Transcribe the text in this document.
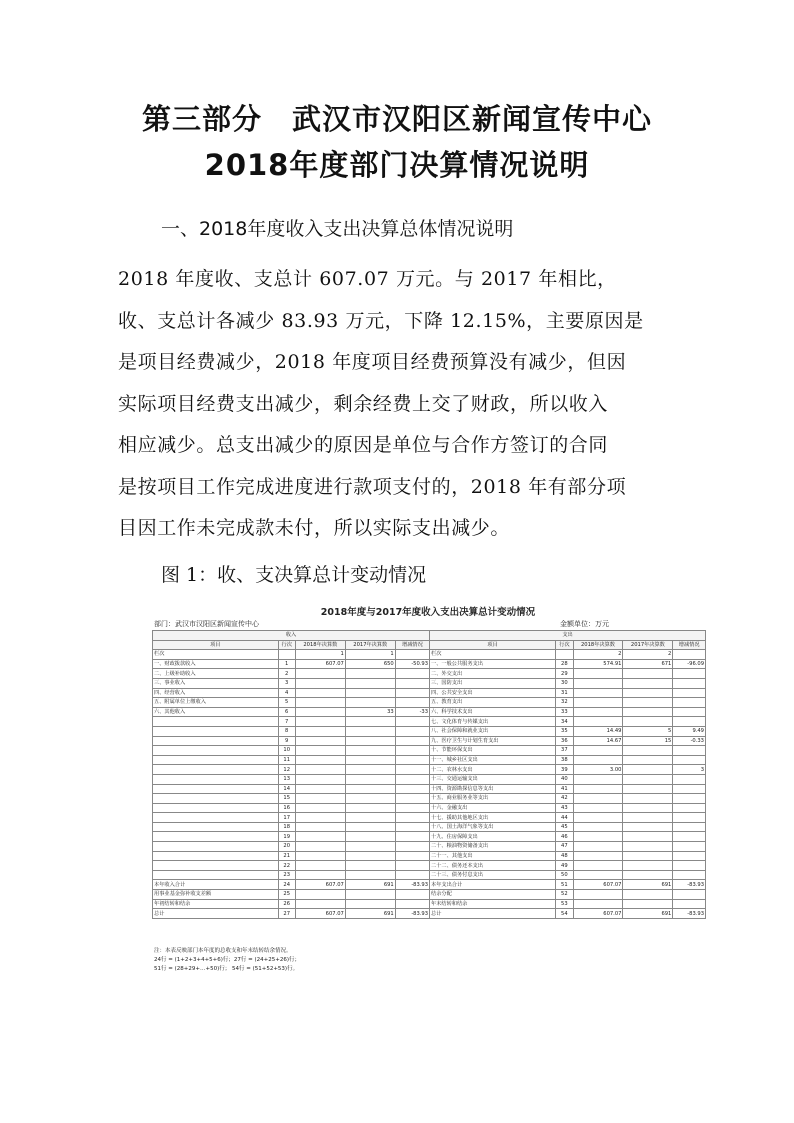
第三部分　武汉市汉阳区新闻宣传中心
2018年度部门决算情况说明
一、2018年度收入支出决算总体情况说明
2018 年度收、支总计 607.07 万元。与 2017 年相比，
收、支总计各减少 83.93 万元，下降 12.15%，主要原因是
是项目经费减少，2018 年度项目经费预算没有减少，但因
实际项目经费支出减少，剩余经费上交了财政，所以收入
相应减少。总支出减少的原因是单位与合作方签订的合同
是按项目工作完成进度进行款项支付的，2018 年有部分项
目因工作未完成款未付，所以实际支出减少。
图 1：收、支决算总计变动情况
2018年度与2017年度收入支出决算总计变动情况
部门：武汉市汉阳区新闻宣传中心	金额单位：万元
收入					支出				
项目	行次	2018年决算数	2017年决算数	增减情况	项目	行次	2018年决算数	2017年决算数	增减情况
栏次		1	1		栏次		2	2	
一、财政拨款收入	1	607.07	650	-50.93	一、一般公共服务支出	28	574.91	671	-96.09
二、上级补助收入	2				二、外交支出	29			
三、事业收入	3				三、国防支出	30			
四、经营收入	4				四、公共安全支出	31			
五、附属单位上缴收入	5				五、教育支出	32			
六、其他收入	6		33	-33	六、科学技术支出	33			
	7				七、文化体育与传媒支出	34			
	8				八、社会保障和就业支出	35	14.49	5	9.49
	9				九、医疗卫生与计划生育支出	36	14.67	15	-0.33
	10				十、节能环保支出	37			
	11				十一、城乡社区支出	38			
	12				十二、农林水支出	39	3.00		3
	13				十三、交通运输支出	40			
	14				十四、资源勘探信息等支出	41			
	15				十五、商业服务业等支出	42			
	16				十六、金融支出	43			
	17				十七、援助其他地区支出	44			
	18				十八、国土海洋气象等支出	45			
	19				十九、住房保障支出	46			
	20				二十、粮油物资储备支出	47			
	21				二十一、其他支出	48			
	22				二十二、债务还本支出	49			
	23				二十三、债务付息支出	50			
本年收入合计	24	607.07	691	-83.93	本年支出合计	51	607.07	691	-83.93
用事业基金弥补收支差额	25				结余分配	52			
年初结转和结余	26				年末结转和结余	53			
总计	27	607.07	691	-83.93	总计	54	607.07	691	-83.93
注：本表反映部门本年度的总收支和年末结转结余情况。
24行 = (1+2+3+4+5+6)行；27行 = (24+25+26)行；
51行 = (28+29+…+50)行； 54行 = (51+52+53)行。
